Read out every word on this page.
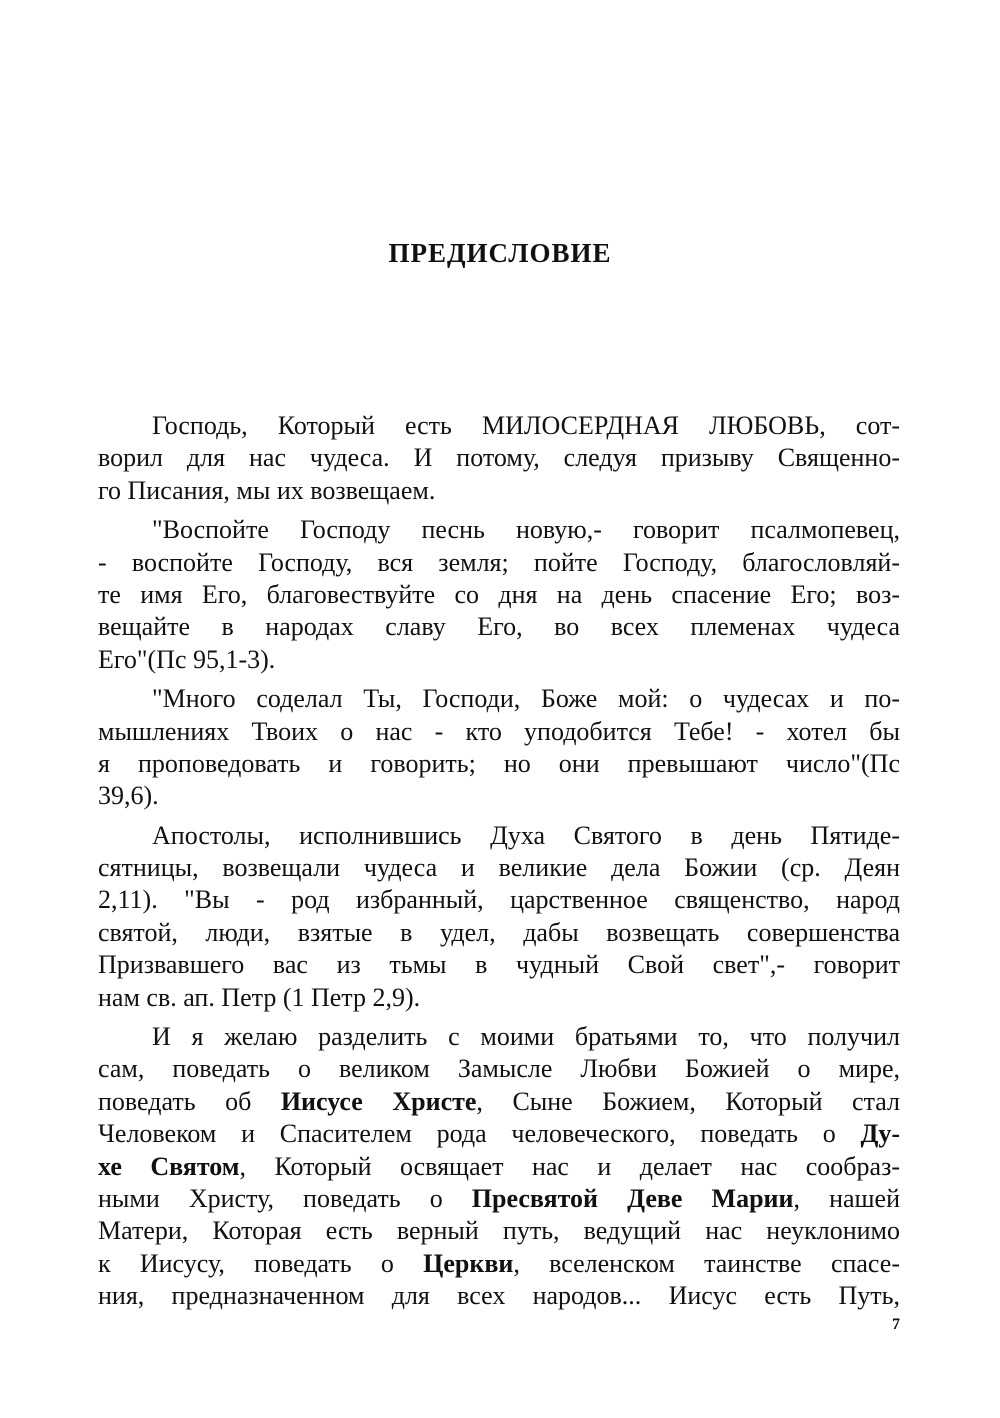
ПРЕДИСЛОВИЕ
Господь, Который есть МИЛОСЕРДНАЯ ЛЮБОВЬ, сот-
ворил для нас чудеса. И потому, следуя призыву Священно-
го Писания, мы их возвещаем.
"Воспойте Господу песнь новую,- говорит псалмопевец,
- воспойте Господу, вся земля; пойте Господу, благословляй-
те имя Его, благовествуйте со дня на день спасение Его; воз-
вещайте в народах славу Его, во всех племенах чудеса
Его"(Пс 95,1-3).
"Много соделал Ты, Господи, Боже мой: о чудесах и по-
мышлениях Твоих о нас - кто уподобится Тебе! - хотел бы
я проповедовать и говорить; но они превышают число"(Пс
39,6).
Апостолы, исполнившись Духа Святого в день Пятиде-
сятницы, возвещали чудеса и великие дела Божии (ср. Деян
2,11). "Вы - род избранный, царственное священство, народ
святой, люди, взятые в удел, дабы возвещать совершенства
Призвавшего вас из тьмы в чудный Свой свет",- говорит
нам св. ап. Петр (1 Петр 2,9).
И я желаю разделить с моими братьями то, что получил
сам, поведать о великом Замысле Любви Божией о мире,
поведать об Иисусе Христе, Сыне Божием, Который стал
Человеком и Спасителем рода человеческого, поведать о Ду-
хе Святом, Который освящает нас и делает нас сообраз-
ными Христу, поведать о Пресвятой Деве Марии, нашей
Матери, Которая есть верный путь, ведущий нас неуклонимо
к Иисусу, поведать о Церкви, вселенском таинстве спасе-
ния, предназначенном для всех народов... Иисус есть Путь,
7
